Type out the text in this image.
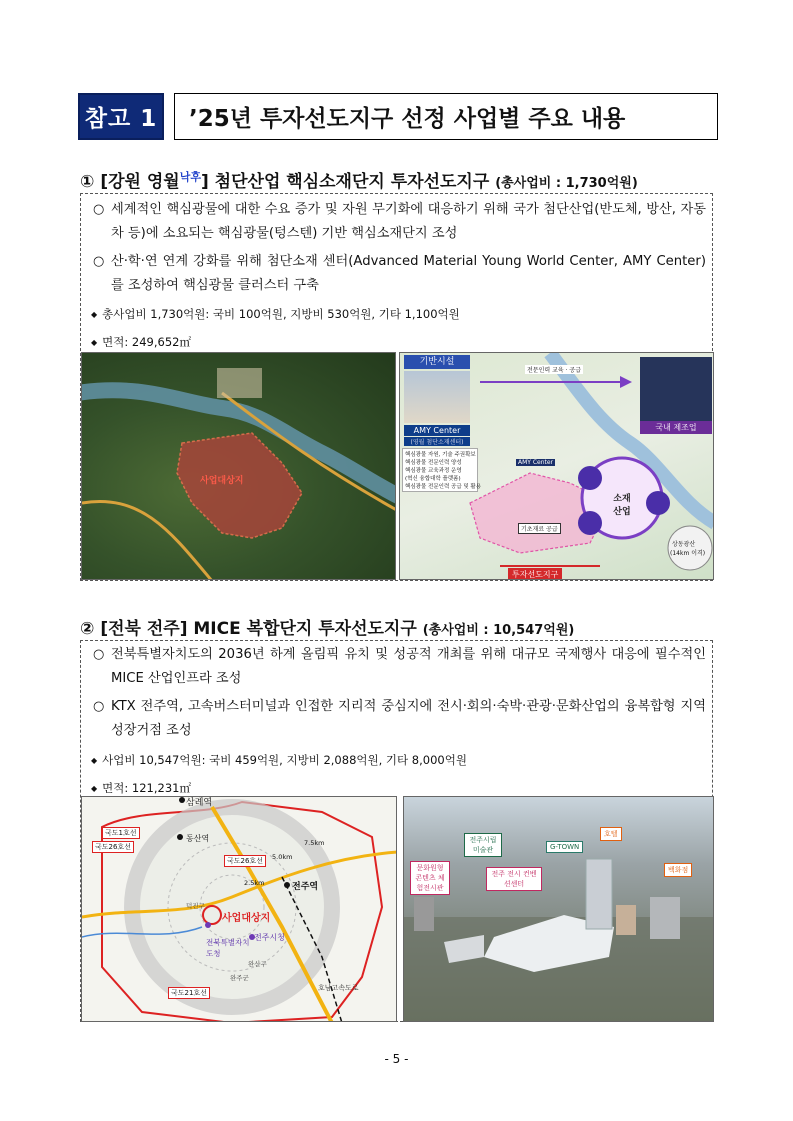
참고 1	’25년 투자선도지구 선정 사업별 주요 내용
① [강원 영월$^{낙후}$] 첨단산업 핵심소재단지 투자선도지구 (총사업비 : 1,730억원)
○ 세계적인 핵심광물에 대한 수요 증가 및 자원 무기화에 대응하기 위해 국가 첨단산업(반도체, 방산, 자동차 등)에 소요되는 핵심광물(텅스텐) 기반 핵심소재단지 조성
○ 산·학·연 연계 강화를 위해 첨단소재 센터(Advanced Material Young World Center, AMY Center)를 조성하여 핵심광물 클러스터 구축
◆ 총사업비 1,730억원: 국비 100억원, 지방비 530억원, 기타 1,100억원
◆ 면적: 249,652㎡
사업대상지
기반시설
AMY Center
(영월 첨단소재센터)
핵심광물 자원, 기술 주권확보
핵심광물 전문인력 양성
핵심광물 교육과정 운영
(혁신 융합대학 플랫폼)
핵심광물 전문인력 공급 및 활용
전문인력 교육 · 공급
국내 제조업
소재 산업
AMY Center
기초재료 공급
투자선도지구
상동광산
(14km 이격)
② [전북 전주] MICE 복합단지 투자선도지구 (총사업비 : 10,547억원)
○ 전북특별자치도의 2036년 하계 올림픽 유치 및 성공적 개최를 위해 대규모 국제행사 대응에 필수적인 MICE 산업인프라 조성
○ KTX 전주역, 고속버스터미널과 인접한 지리적 중심지에 전시·회의·숙박·관광·문화산업의 융복합형 지역 성장거점 조성
◆ 사업비 10,547억원: 국비 459억원, 지방비 2,088억원, 기타 8,000억원
◆ 면적: 121,231㎡
삼례역
동산역
전주역
사업대상지
국도1호선
국도26호선
국도26호선
국도21호선
전북특별자치도청
전주시청
2.5km
5.0km
7.5km
호남고속도로
덕진구
완산구
완주군
전주시립미술관	G-TOWN
호텔
백화점
문화원형 콘텐츠 체험전시관
전주 전시 컨벤션센터
- 5 -
